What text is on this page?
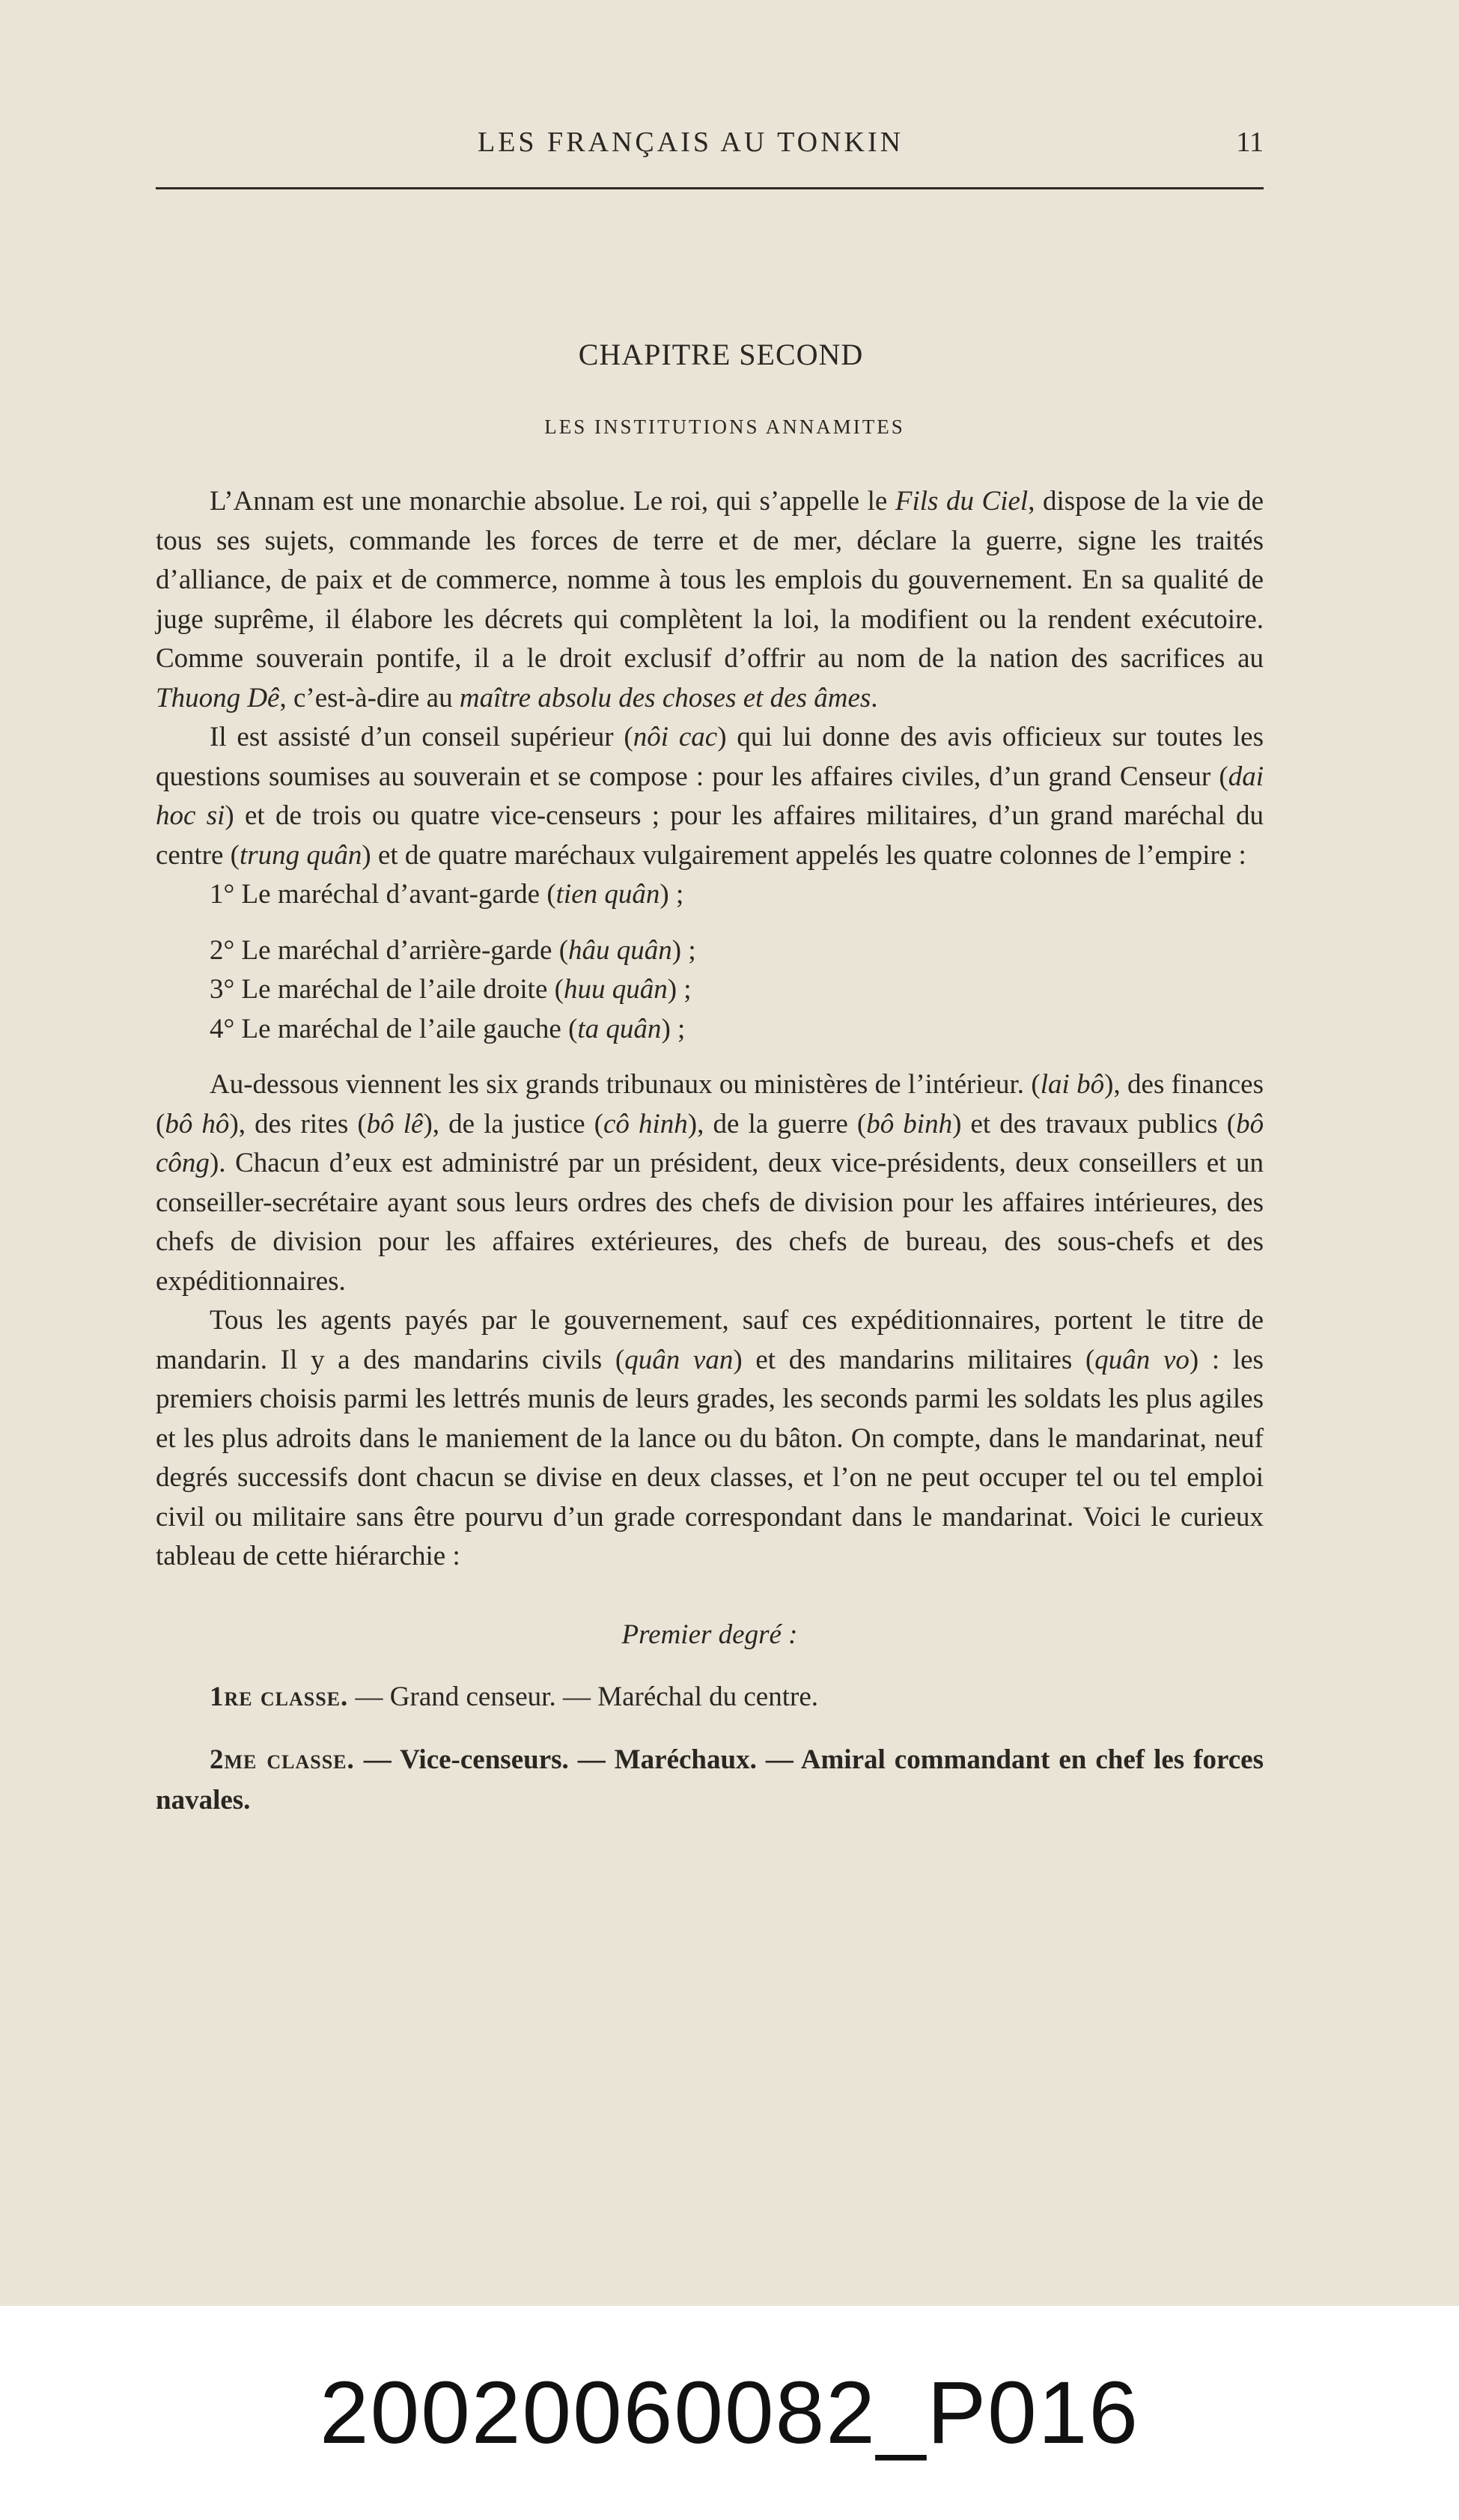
LES FRANÇAIS AU TONKIN	11
CHAPITRE SECOND
LES INSTITUTIONS ANNAMITES

L’Annam est une monarchie absolue. Le roi, qui s’appelle le Fils du Ciel, dispose de la vie de tous ses sujets, commande les forces de terre et de mer, déclare la guerre, signe les traités d’alliance, de paix et de commerce, nomme à tous les emplois du gouvernement. En sa qualité de juge suprême, il élabore les décrets qui complètent la loi, la modifient ou la rendent exécutoire. Comme souverain pontife, il a le droit exclusif d’offrir au nom de la nation des sacrifices au Thuong Dê, c’est-à-dire au maître absolu des choses et des âmes.

Il est assisté d’un conseil supérieur (nôi cac) qui lui donne des avis officieux sur toutes les questions soumises au souverain et se compose : pour les affaires civiles, d’un grand Censeur (dai hoc si) et de trois ou quatre vice-censeurs ; pour les affaires militaires, d’un grand maréchal du centre (trung quân) et de quatre maréchaux vulgairement appelés les quatre colonnes de l’empire :

1° Le maréchal d’avant-garde (tien quân) ;
2° Le maréchal d’arrière-garde (hâu quân) ;
3° Le maréchal de l’aile droite (huu quân) ;
4° Le maréchal de l’aile gauche (ta quân) ;

Au-dessous viennent les six grands tribunaux ou ministères de l’intérieur. (lai bô), des finances (bô hô), des rites (bô lê), de la justice (cô hinh), de la guerre (bô binh) et des travaux publics (bô công). Chacun d’eux est administré par un président, deux vice-présidents, deux conseillers et un conseiller-secrétaire ayant sous leurs ordres des chefs de division pour les affaires intérieures, des chefs de division pour les affaires extérieures, des chefs de bureau, des sous-chefs et des expéditionnaires.

Tous les agents payés par le gouvernement, sauf ces expéditionnaires, portent le titre de mandarin. Il y a des mandarins civils (quân van) et des mandarins militaires (quân vo) : les premiers choisis parmi les lettrés munis de leurs grades, les seconds parmi les soldats les plus agiles et les plus adroits dans le maniement de la lance ou du bâton. On compte, dans le mandarinat, neuf degrés successifs dont chacun se divise en deux classes, et l’on ne peut occuper tel ou tel emploi civil ou militaire sans être pourvu d’un grade correspondant dans le mandarinat. Voici le curieux tableau de cette hiérarchie :

Premier degré :
1re classe. — Grand censeur. — Maréchal du centre.
2me classe. — Vice-censeurs. — Maréchaux. — Amiral commandant en chef les forces navales.
20020060082_P016
